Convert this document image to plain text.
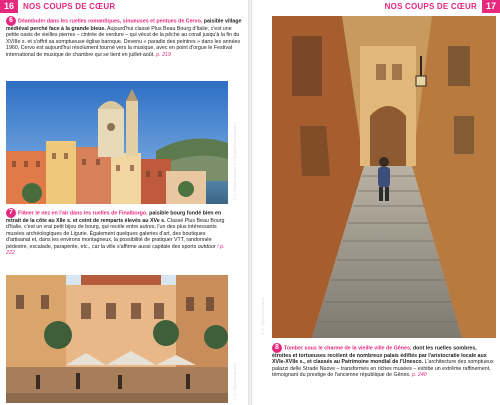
16	NOS COUPS DE CŒUR
6 Déambuler dans les ruelles romantiques, sinueuses et pentues de Cervo, paisible village médiéval perché face à la grande bleue. Aujourd'hui classé Plus Beau Bourg d'Italie, c'est une petite oasis de vieilles pierres – cintrée de verdure – qui vécut de la pêche au corail jusqu'à la fin du XVIIIe s. et s'offrit sa somptueuse église baroque. Devenu « paradis des peintres » dans les années 1960, Cervo est aujourd'hui résolument tourné vers la musique, avec en point d'orgue le Festival international de musique de chambre qui se tient en juillet-août. p. 219
© A. Gaston/Hemis.fr / Rivera/Photoreport.it
7 Flâner le nez en l'air dans les ruelles de Finalborgo, paisible bourg fondé bien en retrait de la côte au XIIe s. et ceint de remparts élevés au XVe s. Classé Plus Beau Bourg d'Italie, c'est un vrai petit bijou de bourg, qui recèle entre autres, l'un des plus intéressants musées archéologiques de Ligurie. Également quelques galeries d'art, des boutiques d'artisanat et, dans les environs montagneux, la possibilité de pratiquer VTT, randonnée pédestre, escalade, parapente, etc., car la ville s'affirme aussi capitale des sports outdoor ! p. 222
© G. Rigoux/Hemis.fr
NOS COUPS DE CŒUR	17
© G. Rigoux/Hemis.fr
8 Tomber sous le charme de la vieille ville de Gênes, dont les ruelles sombres, étroites et tortueuses recèlent de nombreux palais édifiés par l'aristocratie locale aux XVIe-XVIIe s., et classés au Patrimoine mondial de l'Unesco. L'architecture des somptueux palazzi delle Strade Nuove – transformés en riches musées – exhibe un extrême raffinement, témoignant du prestige de l'ancienne république de Gênes. p. 240
